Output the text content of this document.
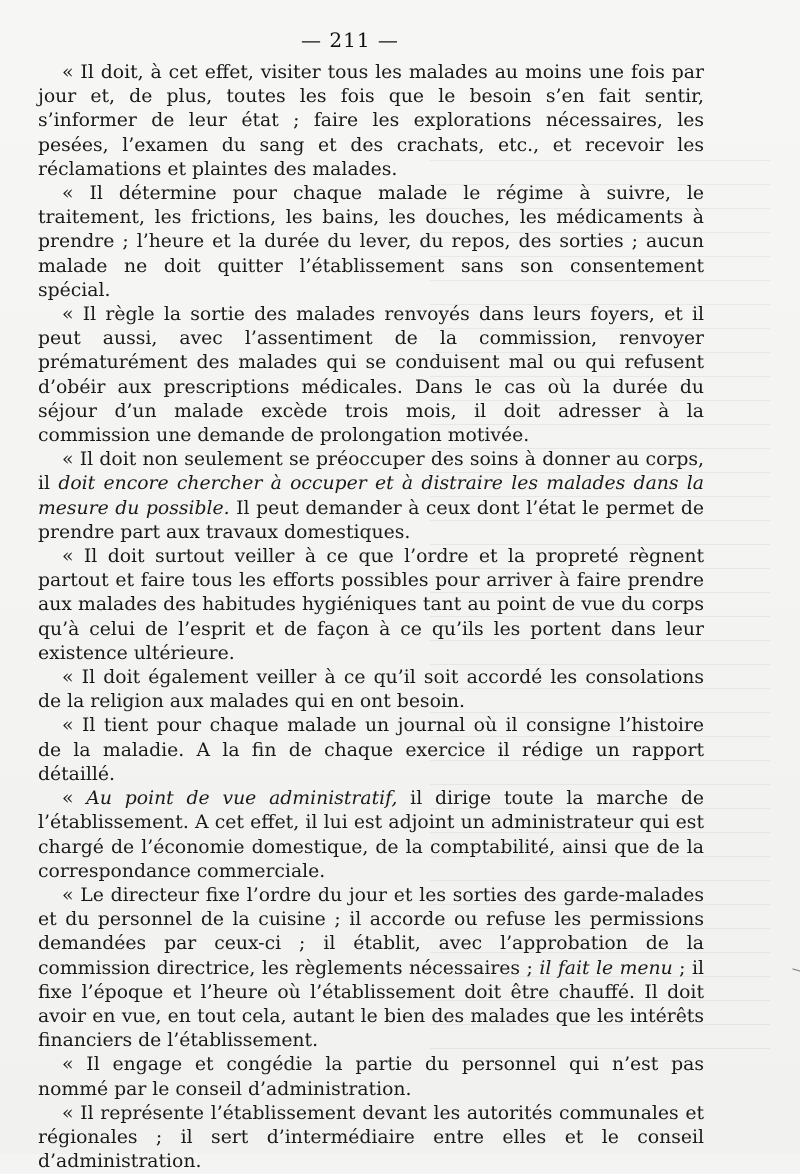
— 211 —

« Il doit, à cet effet, visiter tous les malades au moins une fois par jour et, de plus, toutes les fois que le besoin s’en fait sentir, s’informer de leur état ; faire les explorations nécessaires, les pesées, l’examen du sang et des crachats, etc., et recevoir les réclamations et plaintes des malades.

« Il détermine pour chaque malade le régime à suivre, le traitement, les frictions, les bains, les douches, les médicaments à prendre ; l’heure et la durée du lever, du repos, des sorties ; aucun malade ne doit quitter l’établissement sans son consentement spécial.

« Il règle la sortie des malades renvoyés dans leurs foyers, et il peut aussi, avec l’assentiment de la commission, renvoyer prématurément des malades qui se conduisent mal ou qui refusent d’obéir aux prescriptions médicales. Dans le cas où la durée du séjour d’un malade excède trois mois, il doit adresser à la commission une demande de prolongation motivée.

« Il doit non seulement se préoccuper des soins à donner au corps, il doit encore chercher à occuper et à distraire les malades dans la mesure du possible. Il peut demander à ceux dont l’état le permet de prendre part aux travaux domestiques.

« Il doit surtout veiller à ce que l’ordre et la propreté règnent partout et faire tous les efforts possibles pour arriver à faire prendre aux malades des habitudes hygiéniques tant au point de vue du corps qu’à celui de l’esprit et de façon à ce qu’ils les portent dans leur existence ultérieure.

« Il doit également veiller à ce qu’il soit accordé les consolations de la religion aux malades qui en ont besoin.

« Il tient pour chaque malade un journal où il consigne l’histoire de la maladie. A la fin de chaque exercice il rédige un rapport détaillé.

« Au point de vue administratif, il dirige toute la marche de l’établissement. A cet effet, il lui est adjoint un administrateur qui est chargé de l’économie domestique, de la comptabilité, ainsi que de la correspondance commerciale.

« Le directeur fixe l’ordre du jour et les sorties des garde-malades et du personnel de la cuisine ; il accorde ou refuse les permissions demandées par ceux-ci ; il établit, avec l’approbation de la commission directrice, les règlements nécessaires ; il fait le menu ; il fixe l’époque et l’heure où l’établissement doit être chauffé. Il doit avoir en vue, en tout cela, autant le bien des malades que les intérêts financiers de l’établissement.

« Il engage et congédie la partie du personnel qui n’est pas nommé par le conseil d’administration.

« Il représente l’établissement devant les autorités communales et régionales ; il sert d’intermédiaire entre elles et le conseil d’administration.
